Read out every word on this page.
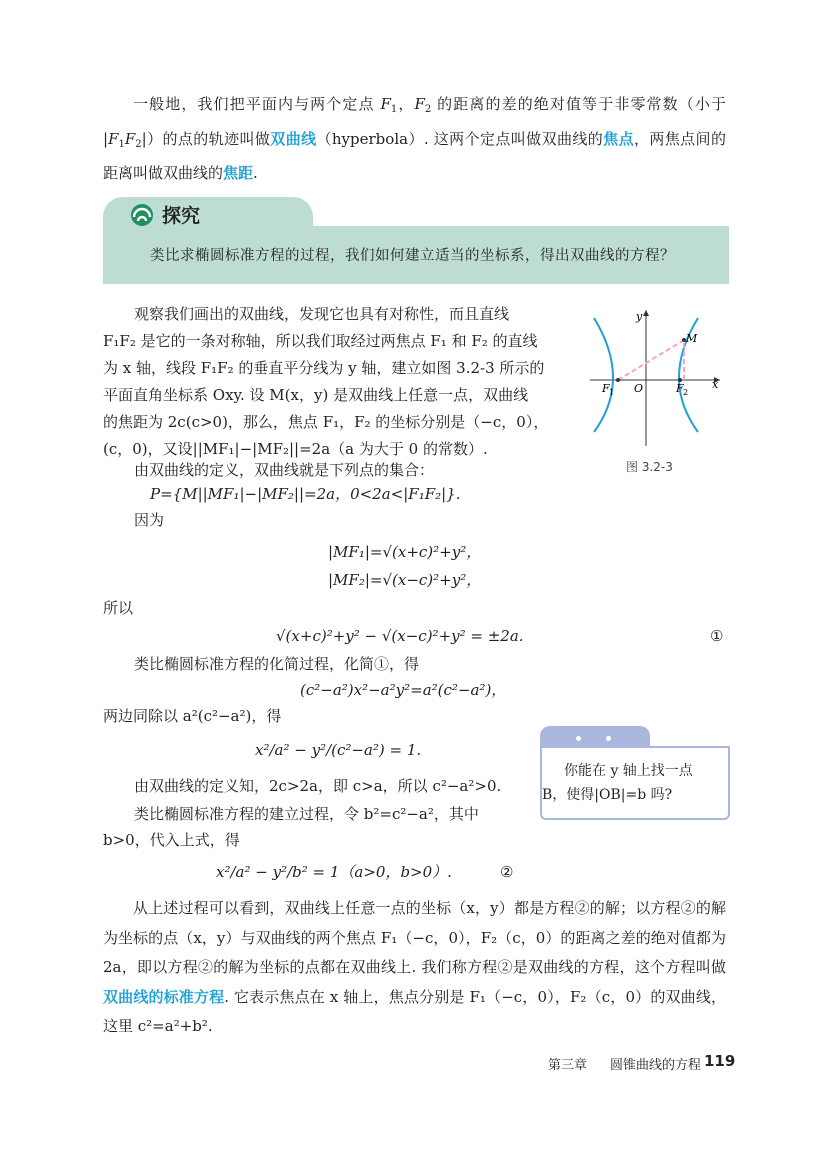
一般地，我们把平面内与两个定点 $F_1$，$F_2$ 的距离的差的绝对值等于非零常数（小于 $|F_1F_2|$）的点的轨迹叫做双曲线（hyperbola）. 这两个定点叫做双曲线的焦点，两焦点间的距离叫做双曲线的焦距.
探究
类比求椭圆标准方程的过程，我们如何建立适当的坐标系，得出双曲线的方程？
y
x
M
O
F 1	F 2
图 3.2-3
观察我们画出的双曲线，发现它也具有对称性，而且直线
F₁F₂ 是它的一条对称轴，所以我们取经过两焦点 F₁ 和 F₂ 的直线
为 x 轴，线段 F₁F₂ 的垂直平分线为 y 轴，建立如图 3.2-3 所示的
平面直角坐标系 Oxy. 设 M(x，y) 是双曲线上任意一点，双曲线
的焦距为 2c(c>0)，那么，焦点 F₁，F₂ 的坐标分别是（−c，0），
(c，0)，又设||MF₁|−|MF₂||=2a（a 为大于 0 的常数）.
由双曲线的定义，双曲线就是下列点的集合：
P={M||MF₁|−|MF₂||=2a，0<2a<|F₁F₂|}.
因为
|MF₁|=√(x+c)²+y²，
|MF₂|=√(x−c)²+y²，
所以
√(x+c)²+y² − √(x−c)²+y² = ±2a.	①
类比椭圆标准方程的化简过程，化简①，得
(c²−a²)x²−a²y²=a²(c²−a²)，
两边同除以 a²(c²−a²)，得
x²/a² − y²/(c²−a²) = 1.
由双曲线的定义知，2c>2a，即 c>a，所以 c²−a²>0.
类比椭圆标准方程的建立过程，令 b²=c²−a²，其中
b>0，代入上式，得
x²/a² − y²/b² = 1（a>0，b>0）.	②
你能在 y 轴上找一点
B，使得|OB|=b 吗?
从上述过程可以看到，双曲线上任意一点的坐标（x，y）都是方程②的解；以方程②的解为坐标的点（x，y）与双曲线的两个焦点 F₁（−c，0），F₂（c，0）的距离之差的绝对值都为 2a，即以方程②的解为坐标的点都在双曲线上. 我们称方程②是双曲线的方程，这个方程叫做双曲线的标准方程. 它表示焦点在 x 轴上，焦点分别是 F₁（−c，0），F₂（c，0）的双曲线，这里 c²=a²+b².
第三章 圆锥曲线的方程 119
